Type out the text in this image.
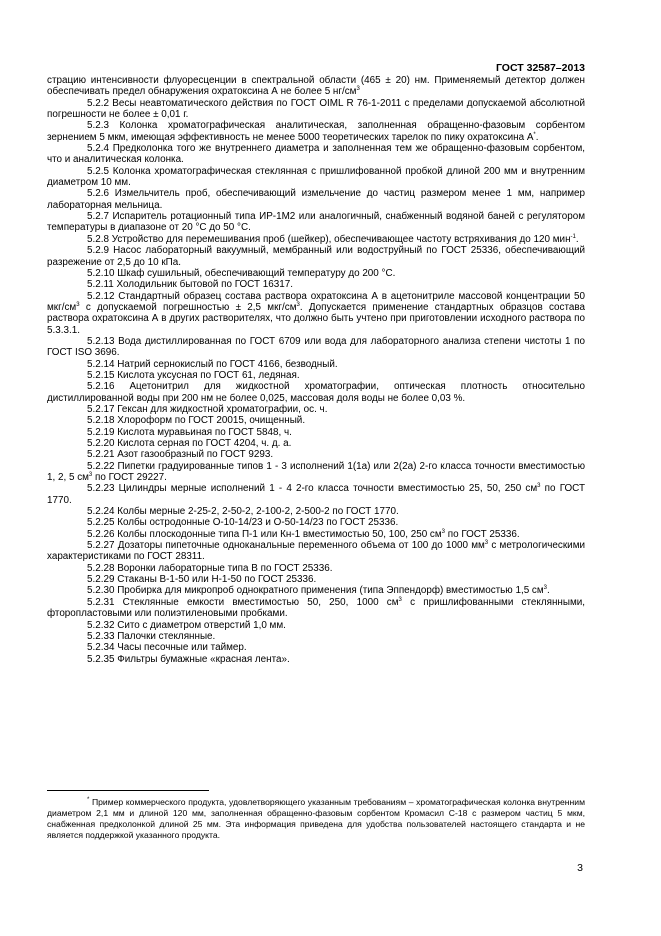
ГОСТ 32587–2013

страцию интенсивности флуоресценции в спектральной области (465 ± 20) нм. Применяемый детектор должен обеспечивать предел обнаружения охратоксина А не более 5 $нг/см^3$

5.2.2 Весы неавтоматического действия по ГОСТ OIML R 76-1-2011 с пределами допускаемой абсолютной погрешности не более ± 0,01 г.

5.2.3 Колонка хроматографическая аналитическая, заполненная обращенно-фазовым сорбентом зернением 5 мкм, имеющая эффективность не менее 5000 теоретических тарелок по пику охратоксина А*.

5.2.4 Предколонка того же внутреннего диаметра и заполненная тем же обращенно-фазовым сорбентом, что и аналитическая колонка.

5.2.5 Колонка хроматографическая стеклянная с пришлифованной пробкой длиной 200 мм и внутренним диаметром 10 мм.

5.2.6 Измельчитель проб, обеспечивающий измельчение до частиц размером менее 1 мм, например лабораторная мельница.

5.2.7 Испаритель ротационный типа ИР-1М2 или аналогичный, снабженный водяной баней с регулятором температуры в диапазоне от 20 °С до 50 °С.

5.2.8 Устройство для перемешивания проб (шейкер), обеспечивающее частоту встряхивания до 120 мин$^{-1}$.

5.2.9 Насос лабораторный вакуумный, мембранный или водоструйный по ГОСТ 25336, обеспечивающий разрежение от 2,5 до 10 кПа.

5.2.10 Шкаф сушильный, обеспечивающий температуру до 200 °С.

5.2.11 Холодильник бытовой по ГОСТ 16317.

5.2.12 Стандартный образец состава раствора охратоксина А в ацетонитриле массовой концентрации 50 мкг/$см^3$ с допускаемой погрешностью ± 2,5 мкг/$см^3$. Допускается применение стандартных образцов состава раствора охратоксина А в других растворителях, что должно быть учтено при приготовлении исходного раствора по 5.3.3.1.

5.2.13 Вода дистиллированная по ГОСТ 6709 или вода для лабораторного анализа степени чистоты 1 по ГОСТ ISO 3696.

5.2.14 Натрий сернокислый по ГОСТ 4166, безводный.

5.2.15 Кислота уксусная по ГОСТ 61, ледяная.

5.2.16 Ацетонитрил для жидкостной хроматографии, оптическая плотность относительно дистиллированной воды при 200 нм не более 0,025, массовая доля воды не более 0,03 %.

5.2.17 Гексан для жидкостной хроматографии, ос. ч.

5.2.18 Хлороформ по ГОСТ 20015, очищенный.

5.2.19 Кислота муравьиная по ГОСТ 5848, ч.

5.2.20 Кислота серная по ГОСТ 4204, ч. д. а.

5.2.21 Азот газообразный по ГОСТ 9293.

5.2.22 Пипетки градуированные типов 1 - 3 исполнений 1(1а) или 2(2а) 2-го класса точности вместимостью 1, 2, 5 $см^3$ по ГОСТ 29227.

5.2.23 Цилиндры мерные исполнений 1 - 4 2-го класса точности вместимостью 25, 50, 250 $см^3$ по ГОСТ 1770.

5.2.24 Колбы мерные 2-25-2, 2-50-2, 2-100-2, 2-500-2 по ГОСТ 1770.

5.2.25 Колбы остродонные О-10-14/23 и О-50-14/23 по ГОСТ 25336.

5.2.26 Колбы плоскодонные типа П-1 или Кн-1 вместимостью 50, 100, 250 $см^3$ по ГОСТ 25336.

5.2.27 Дозаторы пипеточные одноканальные переменного объема от 100 до 1000 $мм^3$ с метрологическими характеристиками по ГОСТ 28311.

5.2.28 Воронки лабораторные типа В по ГОСТ 25336.

5.2.29 Стаканы В-1-50 или Н-1-50 по ГОСТ 25336.

5.2.30 Пробирка для микропроб однократного применения (типа Эппендорф) вместимостью 1,5 $см^3$.

5.2.31 Стеклянные емкости вместимостью 50, 250, 1000 $см^3$ с пришлифованными стеклянными, фторопластовыми или полиэтиленовыми пробками.

5.2.32 Сито с диаметром отверстий 1,0 мм.

5.2.33 Палочки стеклянные.

5.2.34 Часы песочные или таймер.

5.2.35 Фильтры бумажные «красная лента».

* Пример коммерческого продукта, удовлетворяющего указанным требованиям – хроматографическая колонка внутренним диаметром 2,1 мм и длиной 120 мм, заполненная обращенно-фазовым сорбентом Кромасил С-18 с размером частиц 5 мкм, снабженная предколонкой длиной 25 мм. Эта информация приведена для удобства пользователей настоящего стандарта и не является поддержкой указанного продукта.
3
